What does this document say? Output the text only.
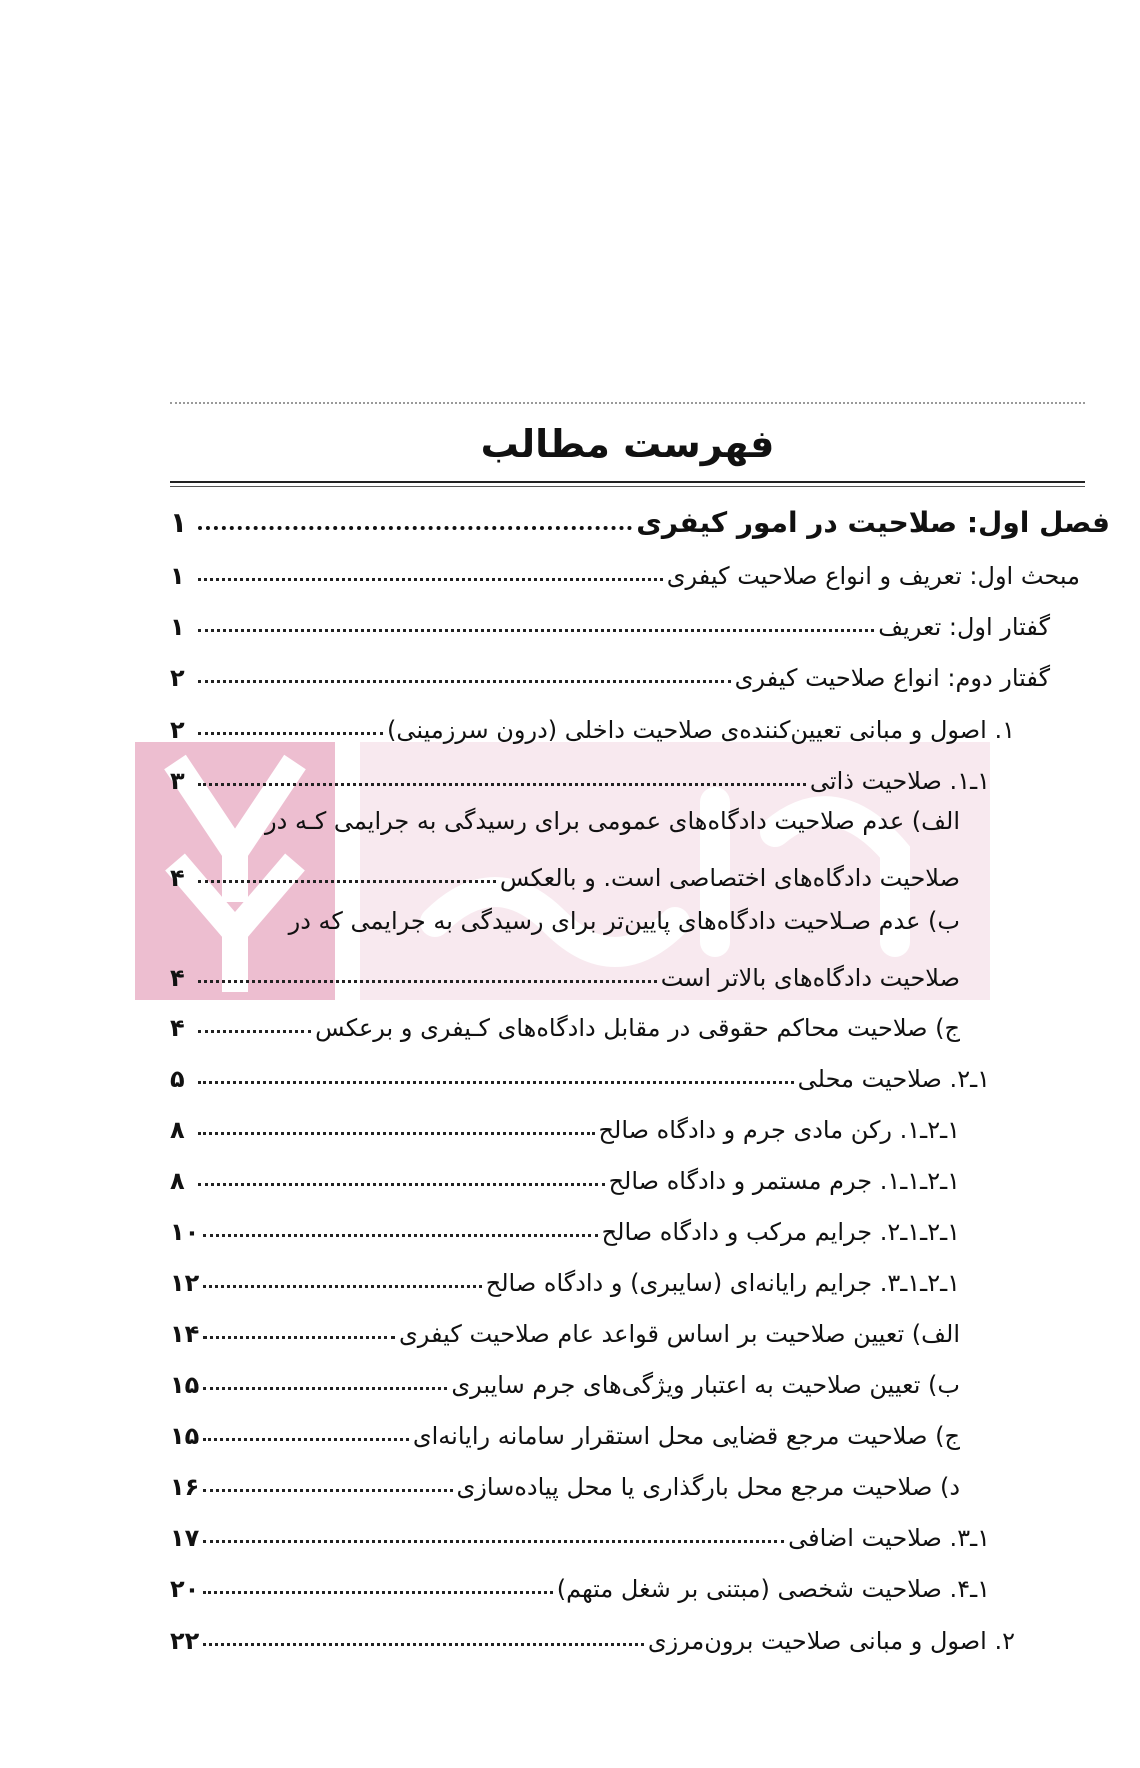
فهرست مطالب
فصل اول: صلاحیت در امور کیفری
۱
مبحث اول: تعریف و انواع صلاحیت کیفری
۱
گفتار اول: تعریف
۱
گفتار دوم: انواع صلاحیت کیفری
۲
۱. اصول و مبانی تعیین‌کننده‌ی صلاحیت داخلی (درون سرزمینی)
۲
۱ـ۱. صلاحیت ذاتی
۳
الف) عدم صلاحیت دادگاه‌های عمومی برای رسیدگی به جرایمی کـه در
صلاحیت دادگاه‌های اختصاصی است. و بالعکس
۴
ب) عدم صـلاحیت دادگاه‌های پایین‌تر برای رسیدگی به جرایمی که در
صلاحیت دادگاه‌های بالاتر است
۴
ج) صلاحیت محاکم حقوقی در مقابل دادگاه‌های کـیفری و برعکس
۴
۱ـ۲. صلاحیت محلی
۵
۱ـ۲ـ۱. رکن مادی جرم و دادگاه صالح
۸
۱ـ۲ـ۱ـ۱. جرم مستمر و دادگاه صالح
۸
۱ـ۲ـ۱ـ۲. جرایم مرکب و دادگاه صالح
۱۰
۱ـ۲ـ۱ـ۳. جرایم رایانه‌ای (سایبری) و دادگاه صالح
۱۲
الف) تعیین صلاحیت بر اساس قواعد عام صلاحیت کیفری
۱۴
ب) تعیین صلاحیت به اعتبار ویژگی‌های جرم سایبری
۱۵
ج) صلاحیت مرجع قضایی محل استقرار سامانه رایانه‌ای
۱۵
د) صلاحیت مرجع محل بارگذاری یا محل پیاده‌سازی
۱۶
۱ـ۳. صلاحیت اضافی
۱۷
۱ـ۴. صلاحیت شخصی (مبتنی بر شغل متهم)
۲۰
۲. اصول و مبانی صلاحیت برون‌مرزی
۲۲
